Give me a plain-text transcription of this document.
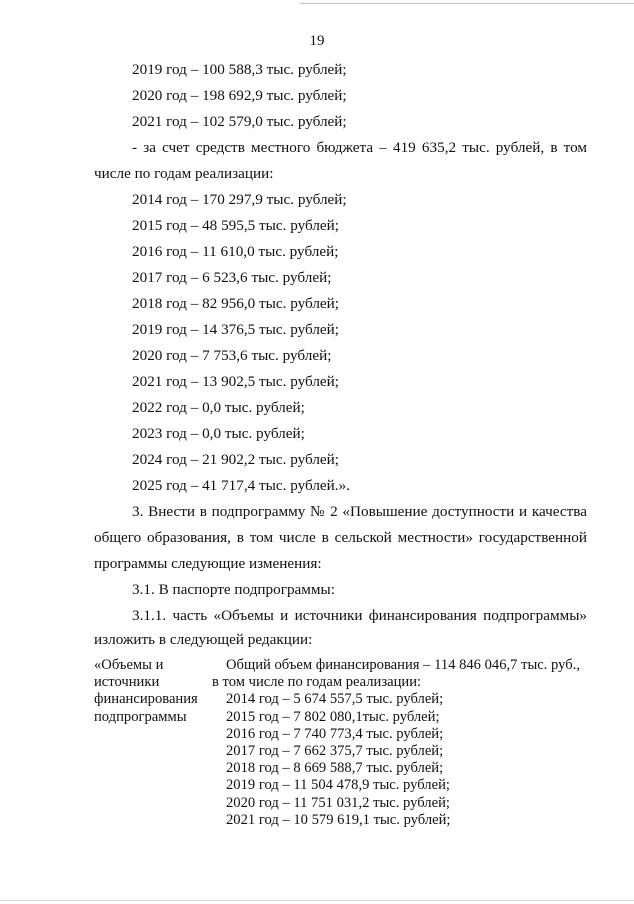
19
2019 год – 100 588,3 тыс. рублей;
2020 год – 198 692,9 тыс. рублей;
2021 год – 102 579,0 тыс. рублей;
- за счет средств местного бюджета – 419 635,2 тыс. рублей, в том
числе по годам реализации:
2014 год – 170 297,9 тыс. рублей;
2015 год – 48 595,5 тыс. рублей;
2016 год – 11 610,0 тыс. рублей;
2017 год – 6 523,6 тыс. рублей;
2018 год – 82 956,0 тыс. рублей;
2019 год – 14 376,5 тыс. рублей;
2020 год – 7 753,6 тыс. рублей;
2021 год – 13 902,5 тыс. рублей;
2022 год – 0,0 тыс. рублей;
2023 год – 0,0 тыс. рублей;
2024 год – 21 902,2 тыс. рублей;
2025 год – 41 717,4 тыс. рублей.».
3. Внести в подпрограмму № 2 «Повышение доступности и качества
общего образования, в том числе в сельской местности» государственной
программы следующие изменения:
3.1. В паспорте подпрограммы:
3.1.1. часть «Объемы и источники финансирования подпрограммы»
изложить в следующей редакции:
«Объемы и
источники
финансирования
подпрограммы
Общий объем финансирования – 114 846 046,7 тыс. руб.,
в том числе по годам реализации:
2014 год – 5 674 557,5 тыс. рублей;
2015 год – 7 802 080,1тыс. рублей;
2016 год – 7 740 773,4 тыс. рублей;
2017 год – 7 662 375,7 тыс. рублей;
2018 год – 8 669 588,7 тыс. рублей;
2019 год – 11 504 478,9 тыс. рублей;
2020 год – 11 751 031,2 тыс. рублей;
2021 год – 10 579 619,1 тыс. рублей;
